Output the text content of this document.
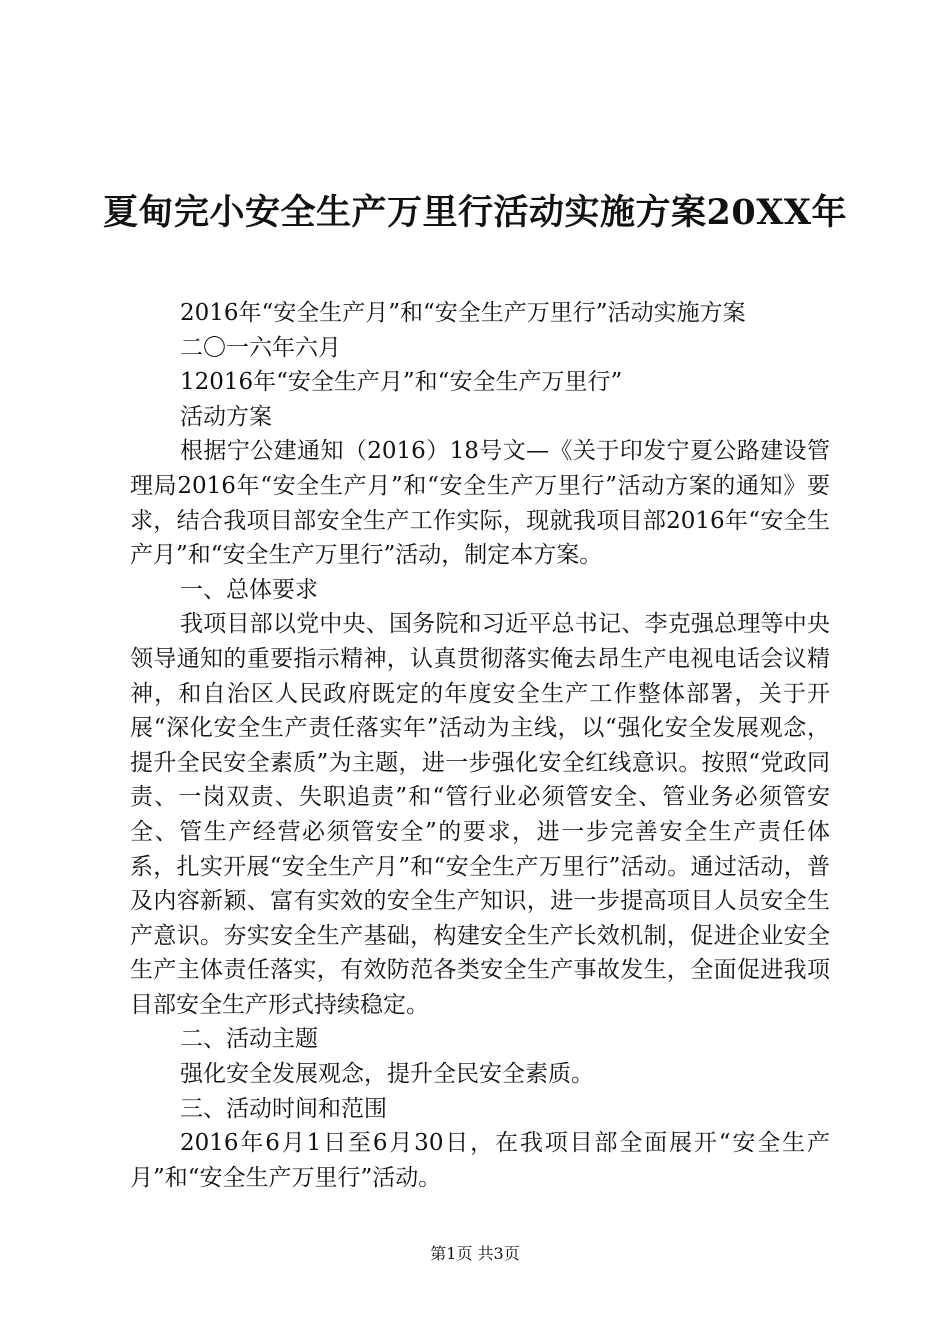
夏甸完小安全生产万里行活动实施方案20XX年

2016年“安全生产月”和“安全生产万里行”活动实施方案

二〇一六年六月

12016年“安全生产月”和“安全生产万里行”

活动方案

根据宁公建通知（2016）18号文—《关于印发宁夏公路建设管理局2016年“安全生产月”和“安全生产万里行”活动方案的通知》要求，结合我项目部安全生产工作实际，现就我项目部2016年“安全生产月”和“安全生产万里行”活动，制定本方案。

一、总体要求

我项目部以党中央、国务院和习近平总书记、李克强总理等中央领导通知的重要指示精神，认真贯彻落实俺去昂生产电视电话会议精神，和自治区人民政府既定的年度安全生产工作整体部署，关于开展“深化安全生产责任落实年”活动为主线，以“强化安全发展观念，提升全民安全素质”为主题，进一步强化安全红线意识。按照“党政同责、一岗双责、失职追责”和“管行业必须管安全、管业务必须管安全、管生产经营必须管安全”的要求，进一步完善安全生产责任体系，扎实开展“安全生产月”和“安全生产万里行”活动。通过活动，普及内容新颖、富有实效的安全生产知识，进一步提高项目人员安全生产意识。夯实安全生产基础，构建安全生产长效机制，促进企业安全生产主体责任落实，有效防范各类安全生产事故发生，全面促进我项目部安全生产形式持续稳定。

二、活动主题

强化安全发展观念，提升全民安全素质。

三、活动时间和范围

2016年6月1日至6月30日，在我项目部全面展开“安全生产月”和“安全生产万里行”活动。

第1页 共3页
